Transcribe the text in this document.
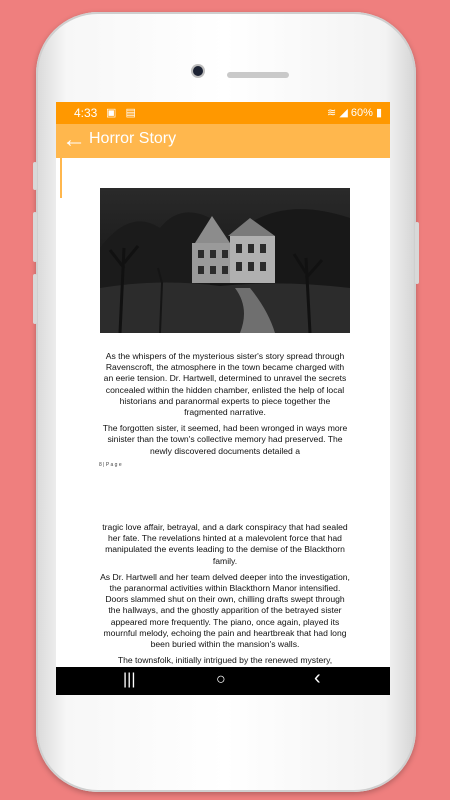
4:33 ▣ ▤	≋ ◢ 60% ▮
← Horror Story

As the whispers of the mysterious sister's story spread through Ravenscroft, the atmosphere in the town became charged with an eerie tension. Dr. Hartwell, determined to unravel the secrets concealed within the hidden chamber, enlisted the help of local historians and paranormal experts to piece together the fragmented narrative.

The forgotten sister, it seemed, had been wronged in ways more sinister than the town's collective memory had preserved. The newly discovered documents detailed a

8 | P a g e

tragic love affair, betrayal, and a dark conspiracy that had sealed her fate. The revelations hinted at a malevolent force that had manipulated the events leading to the demise of the Blackthorn family.

As Dr. Hartwell and her team delved deeper into the investigation, the paranormal activities within Blackthorn Manor intensified. Doors slammed shut on their own, chilling drafts swept through the hallways, and the ghostly apparition of the betrayed sister appeared more frequently. The piano, once again, played its mournful melody, echoing the pain and heartbreak that had long been buried within the mansion's walls.

The townsfolk, initially intrigued by the renewed mystery,

|||	○	‹
